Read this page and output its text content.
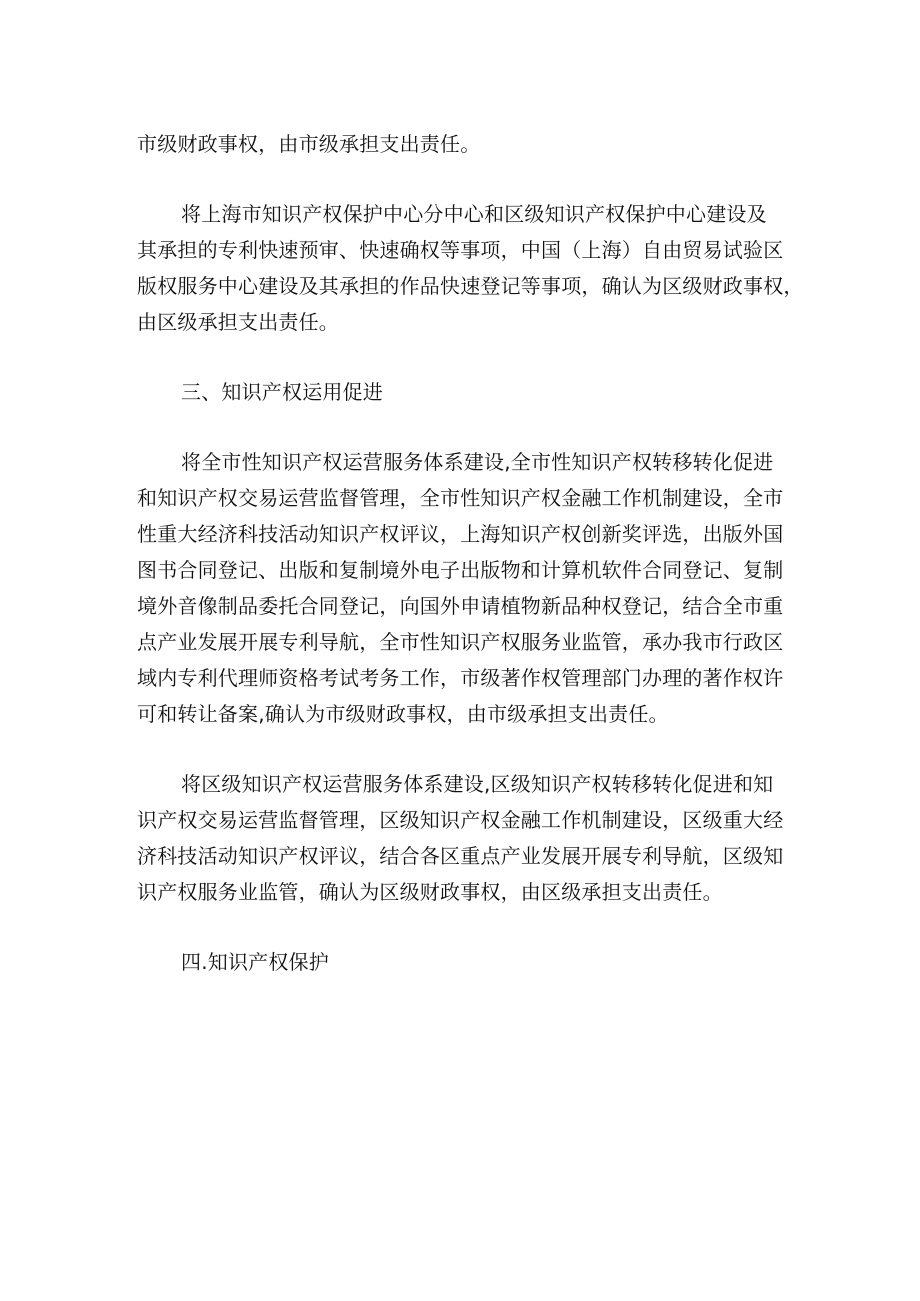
市级财政事权，由市级承担支出责任。
将上海市知识产权保护中心分中心和区级知识产权保护中心建设及
其承担的专利快速预审、快速确权等事项，中国（上海）自由贸易试验区
版权服务中心建设及其承担的作品快速登记等事项，确认为区级财政事权，
由区级承担支出责任。
三、知识产权运用促进
将全市性知识产权运营服务体系建设,全市性知识产权转移转化促进
和知识产权交易运营监督管理，全市性知识产权金融工作机制建设，全市
性重大经济科技活动知识产权评议，上海知识产权创新奖评选，出版外国
图书合同登记、出版和复制境外电子出版物和计算机软件合同登记、复制
境外音像制品委托合同登记，向国外申请植物新品种权登记，结合全市重
点产业发展开展专利导航，全市性知识产权服务业监管，承办我市行政区
域内专利代理师资格考试考务工作，市级著作权管理部门办理的著作权许
可和转让备案,确认为市级财政事权，由市级承担支出责任。
将区级知识产权运营服务体系建设,区级知识产权转移转化促进和知
识产权交易运营监督管理，区级知识产权金融工作机制建设，区级重大经
济科技活动知识产权评议，结合各区重点产业发展开展专利导航，区级知
识产权服务业监管，确认为区级财政事权，由区级承担支出责任。
四.知识产权保护
